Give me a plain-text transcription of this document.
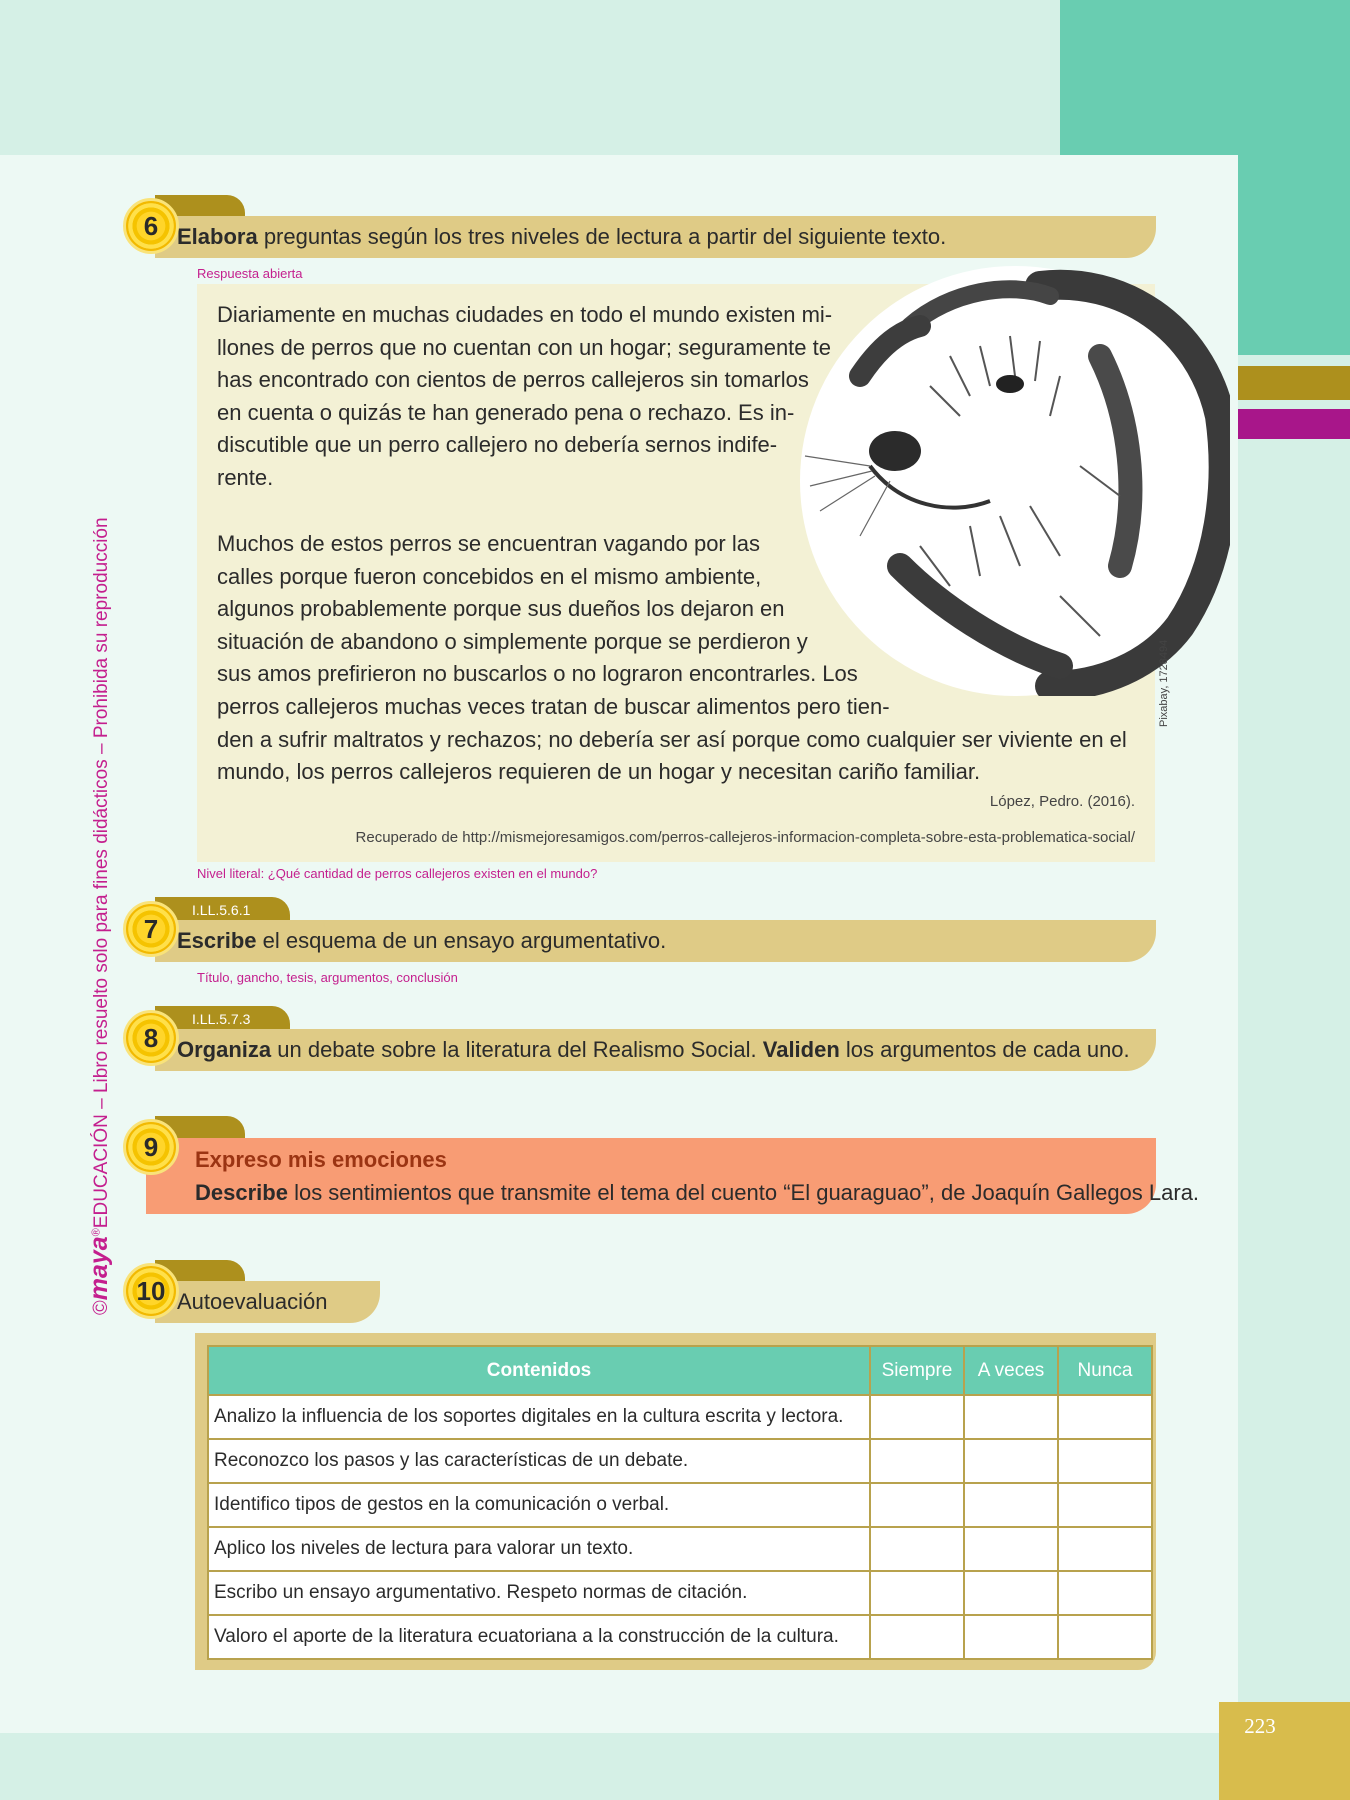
223
©maya®EDUCACIÓN – Libro resuelto solo para fines didácticos – Prohibida su reproducción
Elabora preguntas según los tres niveles de lectura a partir del siguiente texto.
6
Respuesta abierta
Pixabay, 1728494
Diariamente en muchas ciudades en todo el mundo existen mi-
llones de perros que no cuentan con un hogar; seguramente te
has encontrado con cientos de perros callejeros sin tomarlos
en cuenta o quizás te han generado pena o rechazo. Es in-
discutible que un perro callejero no debería sernos indife-
rente.
Muchos de estos perros se encuentran vagando por las
calles porque fueron concebidos en el mismo ambiente,
algunos probablemente porque sus dueños los dejaron en
situación de abandono o simplemente porque se perdieron y
sus amos prefirieron no buscarlos o no lograron encontrarles. Los
perros callejeros muchas veces tratan de buscar alimentos pero tien-
den a sufrir maltratos y rechazos; no debería ser así porque como cualquier ser viviente en el
mundo, los perros callejeros requieren de un hogar y necesitan cariño familiar.
López, Pedro. (2016).
Recuperado de http://mismejoresamigos.com/perros-callejeros-informacion-completa-sobre-esta-problematica-social/
Nivel literal: ¿Qué cantidad de perros callejeros existen en el mundo?
I.LL.5.6.1
Escribe el esquema de un ensayo argumentativo.
7
Título, gancho, tesis, argumentos, conclusión
I.LL.5.7.3
Organiza un debate sobre la literatura del Realismo Social. Validen los argumentos de cada uno.
8
9	Expreso mis emociones
Describe los sentimientos que transmite el tema del cuento “El guaraguao”, de Joaquín Gallegos Lara.
Autoevaluación
10
Contenidos	Siempre	A veces	Nunca
Analizo la influencia de los soportes digitales en la cultura escrita y lectora.			
Reconozco los pasos y las características de un debate.			
Identifico tipos de gestos en la comunicación o verbal.			
Aplico los niveles de lectura para valorar un texto.			
Escribo un ensayo argumentativo. Respeto normas de citación.			
Valoro el aporte de la literatura ecuatoriana a la construcción de la cultura.			
